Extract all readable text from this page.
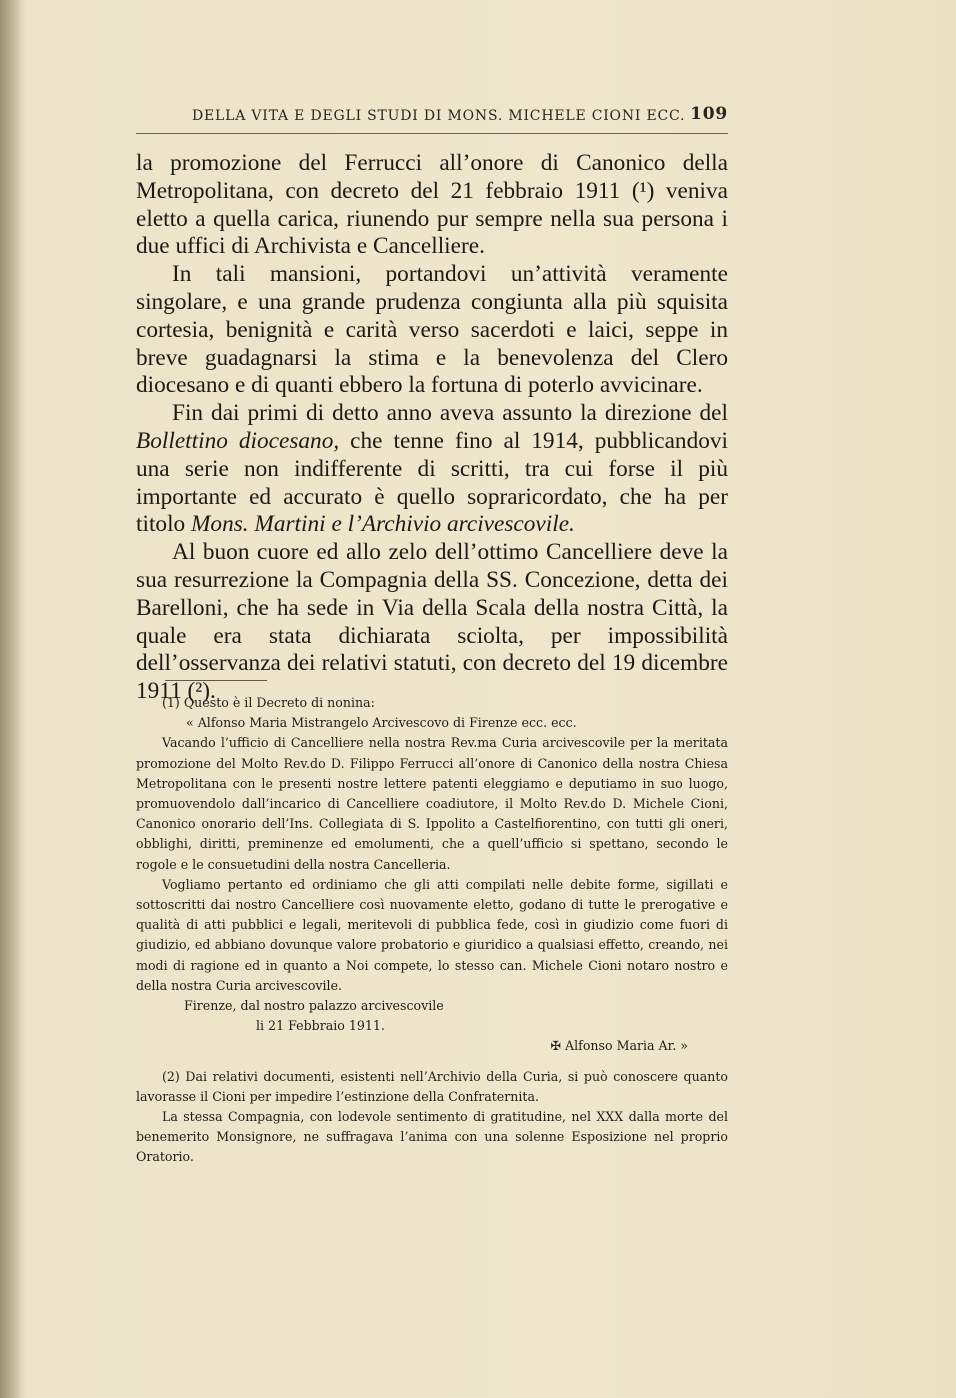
DELLA VITA E DEGLI STUDI DI MONS. MICHELE CIONI ECC. 109

la promozione del Ferrucci all’onore di Canonico della Metropolitana, con decreto del 21 febbraio 1911 (¹) veniva eletto a quella carica, riunendo pur sempre nella sua persona i due uffici di Archivista e Cancelliere.

In tali mansioni, portandovi un’attività veramente singolare, e una grande prudenza congiunta alla più squisita cortesia, benignità e carità verso sacerdoti e laici, seppe in breve guadagnarsi la stima e la benevolenza del Clero diocesano e di quanti ebbero la fortuna di poterlo avvicinare.

Fin dai primi di detto anno aveva assunto la direzione del Bollettino diocesano, che tenne fino al 1914, pubblicandovi una serie non indifferente di scritti, tra cui forse il più importante ed accurato è quello sopraricordato, che ha per titolo Mons. Martini e l’Archivio arcivescovile.

Al buon cuore ed allo zelo dell’ottimo Cancelliere deve la sua resurrezione la Compagnia della SS. Concezione, detta dei Barelloni, che ha sede in Via della Scala della nostra Città, la quale era stata dichiarata sciolta, per impossibilità dell’osservanza dei relativi statuti, con decreto del 19 dicembre 1911 (²).

(1) Questo è il Decreto di nonina:

« Alfonso Maria Mistrangelo Arcivescovo di Firenze ecc. ecc.

Vacando l’ufficio di Cancelliere nella nostra Rev.ma Curia arcivescovile per la meritata promozione del Molto Rev.do D. Filippo Ferrucci all’onore di Canonico della nostra Chiesa Metropolitana con le presenti nostre lettere patenti eleggiamo e deputiamo in suo luogo, promuovendolo dall’incarico di Cancelliere coadiutore, il Molto Rev.do D. Michele Cioni, Canonico onorario dell’Ins. Collegiata di S. Ippolito a Castelfiorentino, con tutti gli oneri, obblighi, diritti, preminenze ed emolumenti, che a quell’ufficio si spettano, secondo le rogole e le consuetudini della nostra Cancelleria.

Vogliamo pertanto ed ordiniamo che gli atti compilati nelle debite forme, sigillati e sottoscritti dai nostro Cancelliere così nuovamente eletto, godano di tutte le prerogative e qualità di atti pubblici e legali, meritevoli di pubblica fede, così in giudizio come fuori di giudizio, ed abbiano dovunque valore probatorio e giuridico a qualsiasi effetto, creando, nei modi di ragione ed in quanto a Noi compete, lo stesso can. Michele Cioni notaro nostro e della nostra Curia arcivescovile.

Firenze, dal nostro palazzo arcivescovile

li 21 Febbraio 1911.

✠ Alfonso Maria Ar. »

(2) Dai relativi documenti, esistenti nell’Archivio della Curia, si può conoscere quanto lavorasse il Cioni per impedire l’estinzione della Confraternita.

La stessa Compagnia, con lodevole sentimento di gratitudine, nel XXX dalla morte del benemerito Monsignore, ne suffragava l’anima con una solenne Esposizione nel proprio Oratorio.
